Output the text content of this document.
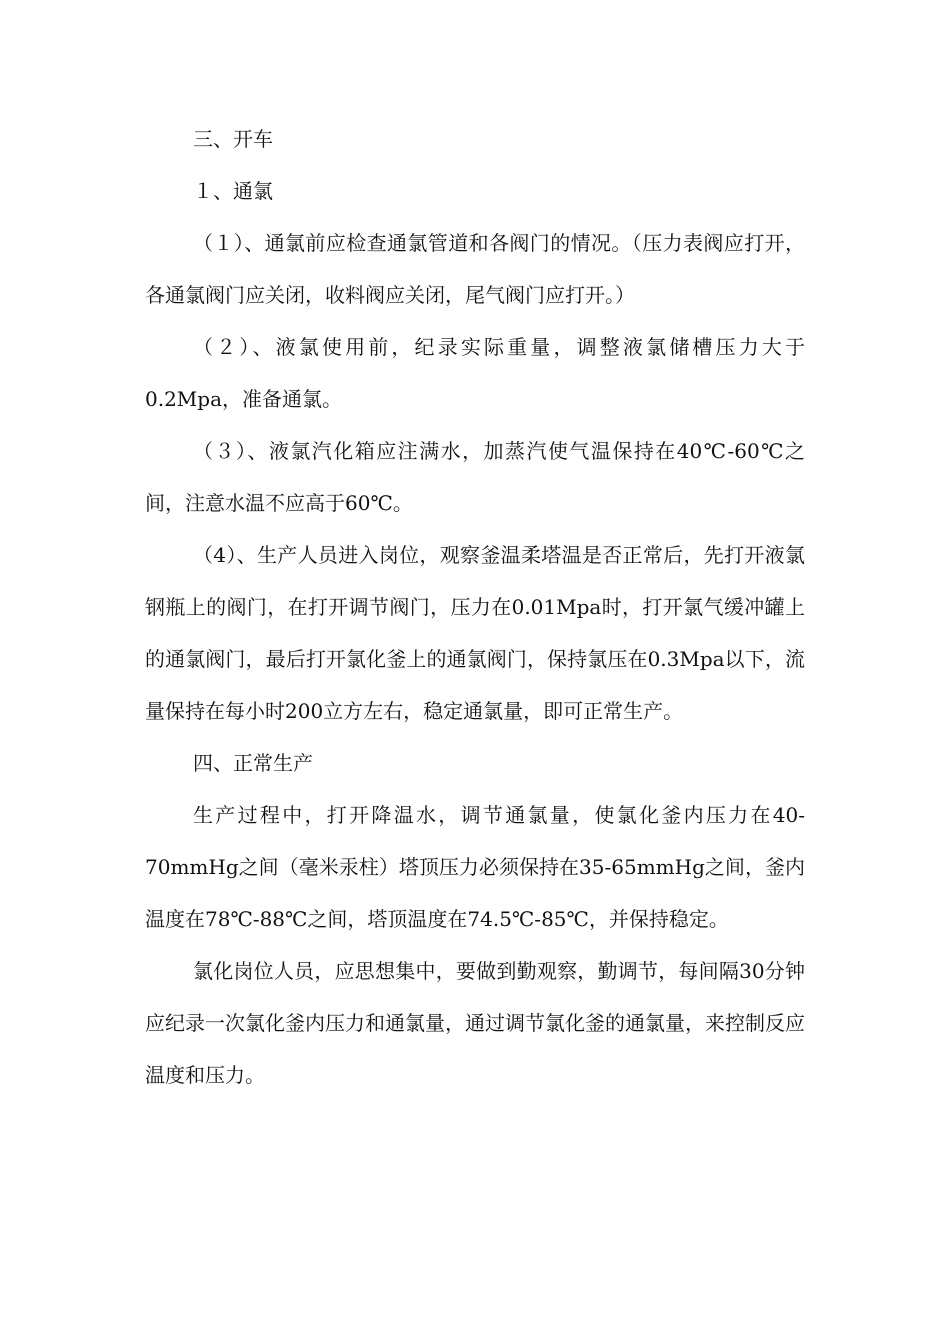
三、开车

１、通氯

（１）、通氯前应检查通氯管道和各阀门的情况。（压力表阀应打开，各通氯阀门应关闭，收料阀应关闭，尾气阀门应打开。）

（２）、液氯使用前，纪录实际重量，调整液氯储槽压力大于0.2Mpa，准备通氯。

（３）、液氯汽化箱应注满水，加蒸汽使气温保持在40℃-60℃之间，注意水温不应高于60℃。

（4）、生产人员进入岗位，观察釜温柔塔温是否正常后，先打开液氯钢瓶上的阀门，在打开调节阀门，压力在0.01Mpa时，打开氯气缓冲罐上的通氯阀门，最后打开氯化釜上的通氯阀门，保持氯压在0.3Mpa以下，流量保持在每小时200立方左右，稳定通氯量，即可正常生产。

四、正常生产

生产过程中，打开降温水，调节通氯量，使氯化釜内压力在40-70mmHg之间（毫米汞柱）塔顶压力必须保持在35-65mmHg之间，釜内温度在78℃-88℃之间，塔顶温度在74.5℃-85℃，并保持稳定。

氯化岗位人员，应思想集中，要做到勤观察，勤调节，每间隔30分钟应纪录一次氯化釜内压力和通氯量，通过调节氯化釜的通氯量，来控制反应温度和压力。
